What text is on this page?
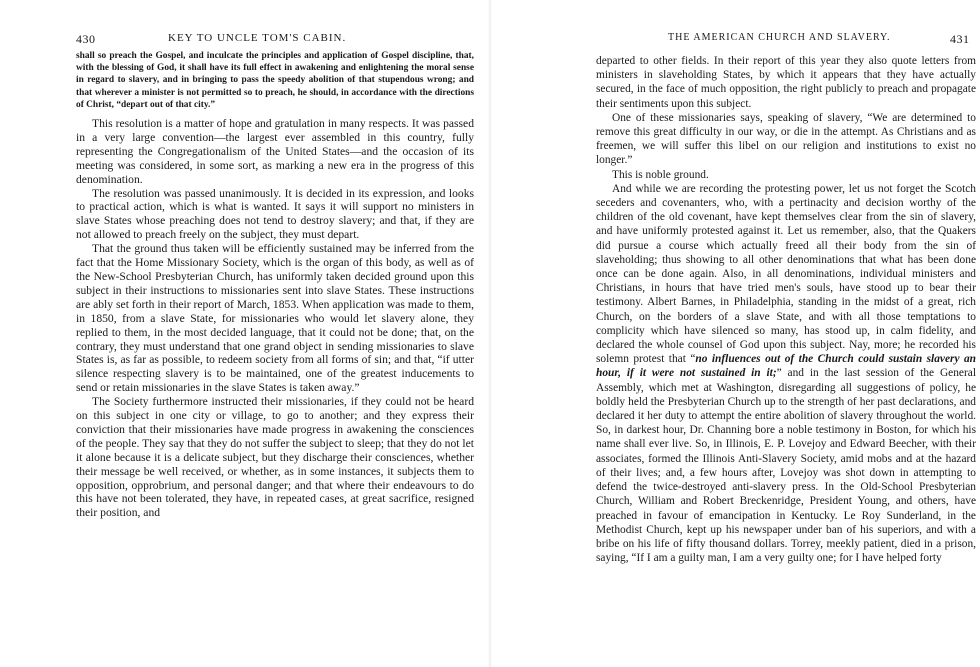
430	KEY TO UNCLE TOM'S CABIN.

shall so preach the Gospel, and inculcate the principles and application of Gospel discipline, that, with the blessing of God, it shall have its full effect in awakening and enlightening the moral sense in regard to slavery, and in bringing to pass the speedy abolition of that stupendous wrong; and that wherever a minister is not permitted so to preach, he should, in accordance with the directions of Christ, “depart out of that city.”

This resolution is a matter of hope and gratulation in many respects. It was passed in a very large convention—the largest ever assembled in this country, fully representing the Congregationalism of the United States—and the occasion of its meeting was considered, in some sort, as marking a new era in the progress of this denomination.

The resolution was passed unanimously. It is decided in its expression, and looks to practical action, which is what is wanted. It says it will support no ministers in slave States whose preaching does not tend to destroy slavery; and that, if they are not allowed to preach freely on the subject, they must depart.

That the ground thus taken will be efficiently sustained may be inferred from the fact that the Home Missionary Society, which is the organ of this body, as well as of the New-School Presbyterian Church, has uniformly taken decided ground upon this subject in their instructions to missionaries sent into slave States. These instructions are ably set forth in their report of March, 1853. When application was made to them, in 1850, from a slave State, for missionaries who would let slavery alone, they replied to them, in the most decided language, that it could not be done; that, on the contrary, they must understand that one grand object in sending missionaries to slave States is, as far as possible, to redeem society from all forms of sin; and that, “if utter silence respecting slavery is to be maintained, one of the greatest inducements to send or retain missionaries in the slave States is taken away.”

The Society furthermore instructed their missionaries, if they could not be heard on this subject in one city or village, to go to another; and they express their conviction that their missionaries have made progress in awakening the consciences of the people. They say that they do not suffer the subject to sleep; that they do not let it alone because it is a delicate subject, but they discharge their consciences, whether their message be well received, or whether, as in some instances, it subjects them to opposition, opprobrium, and personal danger; and that where their endeavours to do this have not been tolerated, they have, in repeated cases, at great sacrifice, resigned their position, and

THE AMERICAN CHURCH AND SLAVERY.	431

departed to other fields. In their report of this year they also quote letters from ministers in slaveholding States, by which it appears that they have actually secured, in the face of much opposition, the right publicly to preach and propagate their sentiments upon this subject.

One of these missionaries says, speaking of slavery, “We are determined to remove this great difficulty in our way, or die in the attempt. As Christians and as freemen, we will suffer this libel on our religion and institutions to exist no longer.”

This is noble ground.

And while we are recording the protesting power, let us not forget the Scotch seceders and covenanters, who, with a pertinacity and decision worthy of the children of the old covenant, have kept themselves clear from the sin of slavery, and have uniformly protested against it. Let us remember, also, that the Quakers did pursue a course which actually freed all their body from the sin of slaveholding; thus showing to all other denominations that what has been done once can be done again. Also, in all denominations, individual ministers and Christians, in hours that have tried men's souls, have stood up to bear their testimony. Albert Barnes, in Philadelphia, standing in the midst of a great, rich Church, on the borders of a slave State, and with all those temptations to complicity which have silenced so many, has stood up, in calm fidelity, and declared the whole counsel of God upon this subject. Nay, more; he recorded his solemn protest that “no influences out of the Church could sustain slavery an hour, if it were not sustained in it;” and in the last session of the General Assembly, which met at Washington, disregarding all suggestions of policy, he boldly held the Presbyterian Church up to the strength of her past declarations, and declared it her duty to attempt the entire abolition of slavery throughout the world. So, in darkest hour, Dr. Channing bore a noble testimony in Boston, for which his name shall ever live. So, in Illinois, E. P. Lovejoy and Edward Beecher, with their associates, formed the Illinois Anti-Slavery Society, amid mobs and at the hazard of their lives; and, a few hours after, Lovejoy was shot down in attempting to defend the twice-destroyed anti-slavery press. In the Old-School Presbyterian Church, William and Robert Breckenridge, President Young, and others, have preached in favour of emancipation in Kentucky. Le Roy Sunderland, in the Methodist Church, kept up his newspaper under ban of his superiors, and with a bribe on his life of fifty thousand dollars. Torrey, meekly patient, died in a prison, saying, “If I am a guilty man, I am a very guilty one; for I have helped forty
